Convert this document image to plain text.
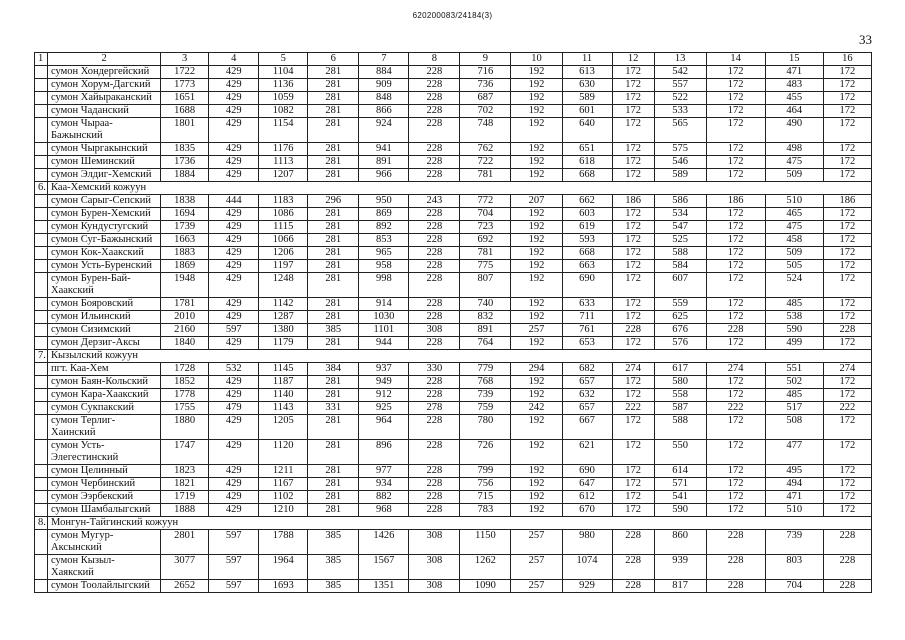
620200083/24184(3)
33
1	2	3	4	5	6	7	8	9	10	11	12	13	14	15	16
	сумон Хондергейский	1722	429	1104	281	884	228	716	192	613	172	542	172	471	172
	сумон Хорум-Дагский	1773	429	1136	281	909	228	736	192	630	172	557	172	483	172
	сумон Хайыраканский	1651	429	1059	281	848	228	687	192	589	172	522	172	455	172
	сумон Чаданский	1688	429	1082	281	866	228	702	192	601	172	533	172	464	172
	сумон Чыраа-Бажынский	1801	429	1154	281	924	228	748	192	640	172	565	172	490	172
	сумон Чыргакынский	1835	429	1176	281	941	228	762	192	651	172	575	172	498	172
	сумон Шеминский	1736	429	1113	281	891	228	722	192	618	172	546	172	475	172
	сумон Элдиг-Хемский	1884	429	1207	281	966	228	781	192	668	172	589	172	509	172
6.	Каа-Хемский кожуун														
	сумон Сарыг-Сепский	1838	444	1183	296	950	243	772	207	662	186	586	186	510	186
	сумон Бурен-Хемский	1694	429	1086	281	869	228	704	192	603	172	534	172	465	172
	сумон Кундустугский	1739	429	1115	281	892	228	723	192	619	172	547	172	475	172
	сумон Суг-Бажынский	1663	429	1066	281	853	228	692	192	593	172	525	172	458	172
	сумон Кок-Хаакский	1883	429	1206	281	965	228	781	192	668	172	588	172	509	172
	сумон Усть-Буренский	1869	429	1197	281	958	228	775	192	663	172	584	172	505	172
	сумон Бурен-Бай-Хаакский	1948	429	1248	281	998	228	807	192	690	172	607	172	524	172
	сумон Бояровский	1781	429	1142	281	914	228	740	192	633	172	559	172	485	172
	сумон Ильинский	2010	429	1287	281	1030	228	832	192	711	172	625	172	538	172
	сумон Сизимский	2160	597	1380	385	1101	308	891	257	761	228	676	228	590	228
	сумон Дерзиг-Аксы	1840	429	1179	281	944	228	764	192	653	172	576	172	499	172
7.	Кызылский кожуун														
	пгт. Каа-Хем	1728	532	1145	384	937	330	779	294	682	274	617	274	551	274
	сумон Баян-Кольский	1852	429	1187	281	949	228	768	192	657	172	580	172	502	172
	сумон Кара-Хаакский	1778	429	1140	281	912	228	739	192	632	172	558	172	485	172
	сумон Сукпакский	1755	479	1143	331	925	278	759	242	657	222	587	222	517	222
	сумон Терлиг-Хаинский	1880	429	1205	281	964	228	780	192	667	172	588	172	508	172
	сумон Усть-Элегестинский	1747	429	1120	281	896	228	726	192	621	172	550	172	477	172
	сумон Целинный	1823	429	1211	281	977	228	799	192	690	172	614	172	495	172
	сумон Чербинский	1821	429	1167	281	934	228	756	192	647	172	571	172	494	172
	сумон Ээрбекский	1719	429	1102	281	882	228	715	192	612	172	541	172	471	172
	сумон Шамбалыгский	1888	429	1210	281	968	228	783	192	670	172	590	172	510	172
8.	Монгун-Тайгинский кожуун														
	сумон Мугур-Аксынский	2801	597	1788	385	1426	308	1150	257	980	228	860	228	739	228
	сумон Кызыл-Хаякский	3077	597	1964	385	1567	308	1262	257	1074	228	939	228	803	228
	сумон Тоолайлыгский	2652	597	1693	385	1351	308	1090	257	929	228	817	228	704	228
